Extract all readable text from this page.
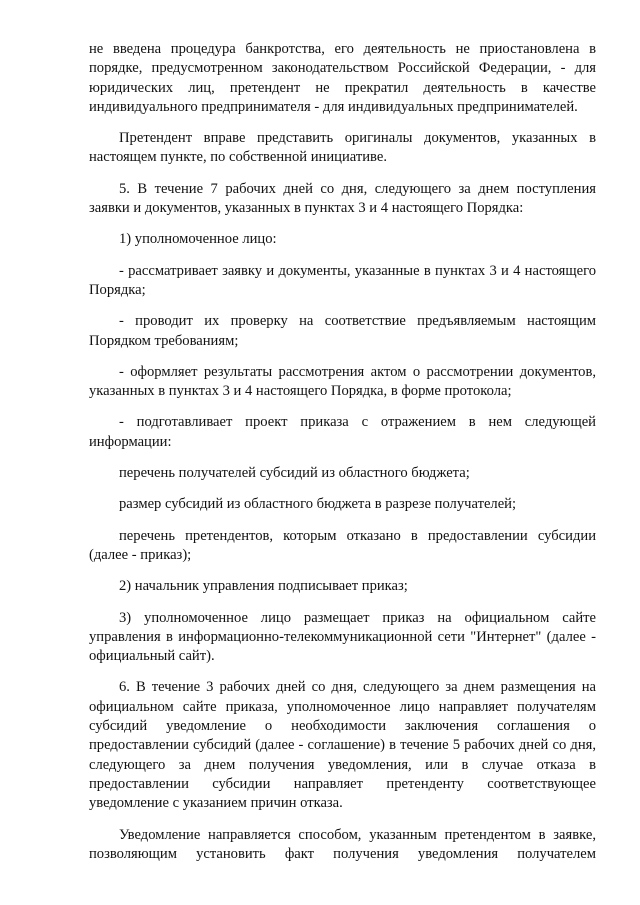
не введена процедура банкротства, его деятельность не приостановлена в порядке, предусмотренном законодательством Российской Федерации, - для юридических лиц, претендент не прекратил деятельность в качестве индивидуального предпринимателя - для индивидуальных предпринимателей.

Претендент вправе представить оригиналы документов, указанных в настоящем пункте, по собственной инициативе.

5. В течение 7 рабочих дней со дня, следующего за днем поступления заявки и документов, указанных в пунктах 3 и 4 настоящего Порядка:

1) уполномоченное лицо:

- рассматривает заявку и документы, указанные в пунктах 3 и 4 настоящего Порядка;

- проводит их проверку на соответствие предъявляемым настоящим Порядком требованиям;

- оформляет результаты рассмотрения актом о рассмотрении документов, указанных в пунктах 3 и 4 настоящего Порядка, в форме протокола;

- подготавливает проект приказа с отражением в нем следующей информации:

перечень получателей субсидий из областного бюджета;

размер субсидий из областного бюджета в разрезе получателей;

перечень претендентов, которым отказано в предоставлении субсидии (далее - приказ);

2) начальник управления подписывает приказ;

3) уполномоченное лицо размещает приказ на официальном сайте управления в информационно-телекоммуникационной сети "Интернет" (далее - официальный сайт).

6. В течение 3 рабочих дней со дня, следующего за днем размещения на официальном сайте приказа, уполномоченное лицо направляет получателям субсидий уведомление о необходимости заключения соглашения о предоставлении субсидий (далее - соглашение) в течение 5 рабочих дней со дня, следующего за днем получения уведомления, или в случае отказа в предоставлении субсидии направляет претенденту соответствующее уведомление с указанием причин отказа.

Уведомление направляется способом, указанным претендентом в заявке, позволяющим установить факт получения уведомления получателем
